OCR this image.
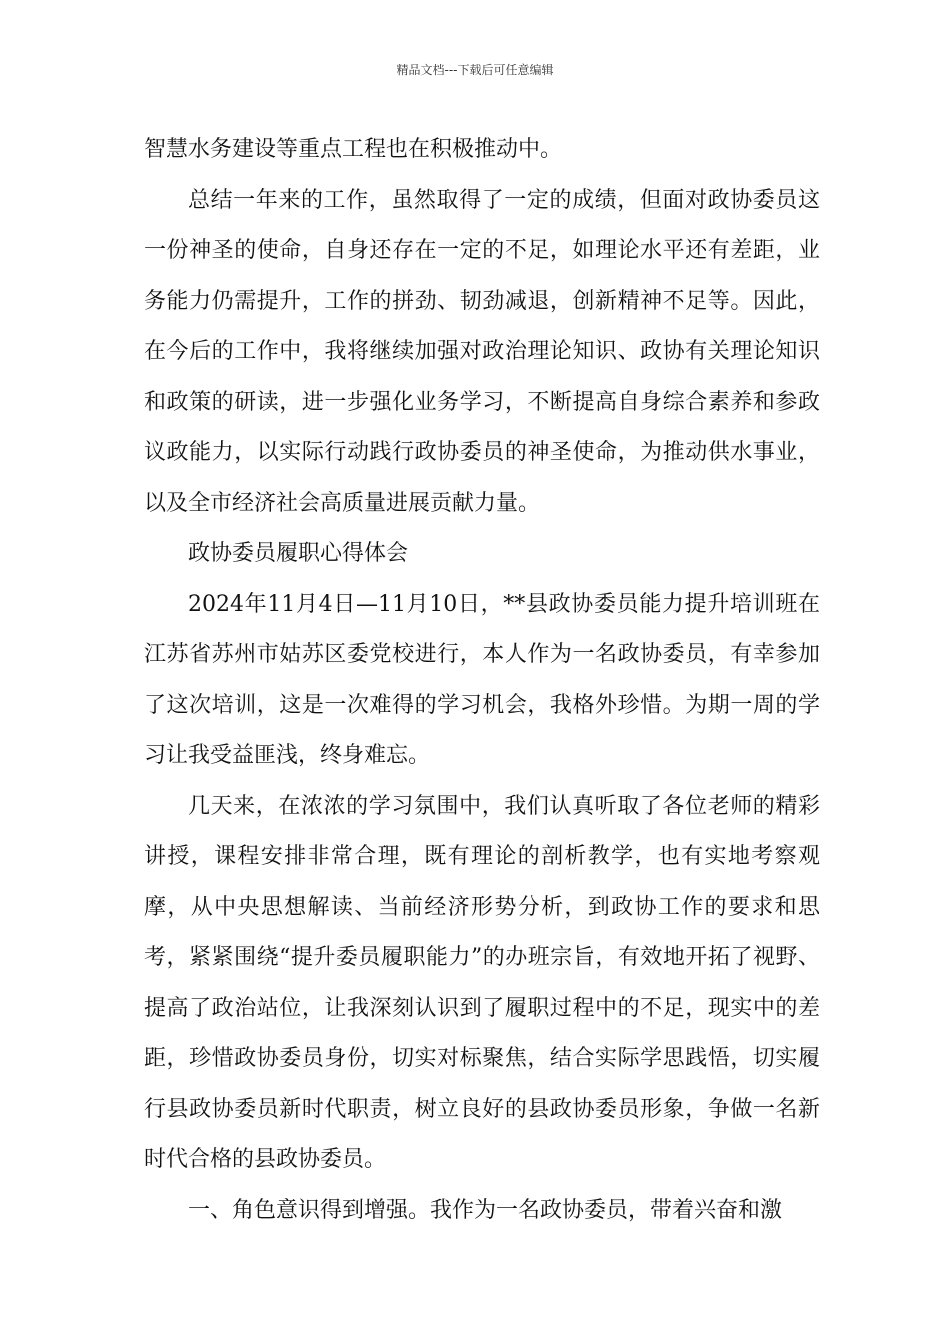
精品文档---下载后可任意编辑

智慧水务建设等重点工程也在积极推动中。

总结一年来的工作，虽然取得了一定的成绩，但面对政协委员这一份神圣的使命，自身还存在一定的不足，如理论水平还有差距，业务能力仍需提升，工作的拼劲、韧劲减退，创新精神不足等。因此，在今后的工作中，我将继续加强对政治理论知识、政协有关理论知识和政策的研读，进一步强化业务学习，不断提高自身综合素养和参政议政能力，以实际行动践行政协委员的神圣使命，为推动供水事业，以及全市经济社会高质量进展贡献力量。

政协委员履职心得体会

2024年11月4日—11月10日，**县政协委员能力提升培训班在江苏省苏州市姑苏区委党校进行，本人作为一名政协委员，有幸参加了这次培训，这是一次难得的学习机会，我格外珍惜。为期一周的学习让我受益匪浅，终身难忘。

几天来，在浓浓的学习氛围中，我们认真听取了各位老师的精彩讲授，课程安排非常合理，既有理论的剖析教学，也有实地考察观摩，从中央思想解读、当前经济形势分析，到政协工作的要求和思考，紧紧围绕“提升委员履职能力”的办班宗旨，有效地开拓了视野、提高了政治站位，让我深刻认识到了履职过程中的不足，现实中的差距，珍惜政协委员身份，切实对标聚焦，结合实际学思践悟，切实履行县政协委员新时代职责，树立良好的县政协委员形象，争做一名新时代合格的县政协委员。

一、角色意识得到增强。我作为一名政协委员，带着兴奋和激
